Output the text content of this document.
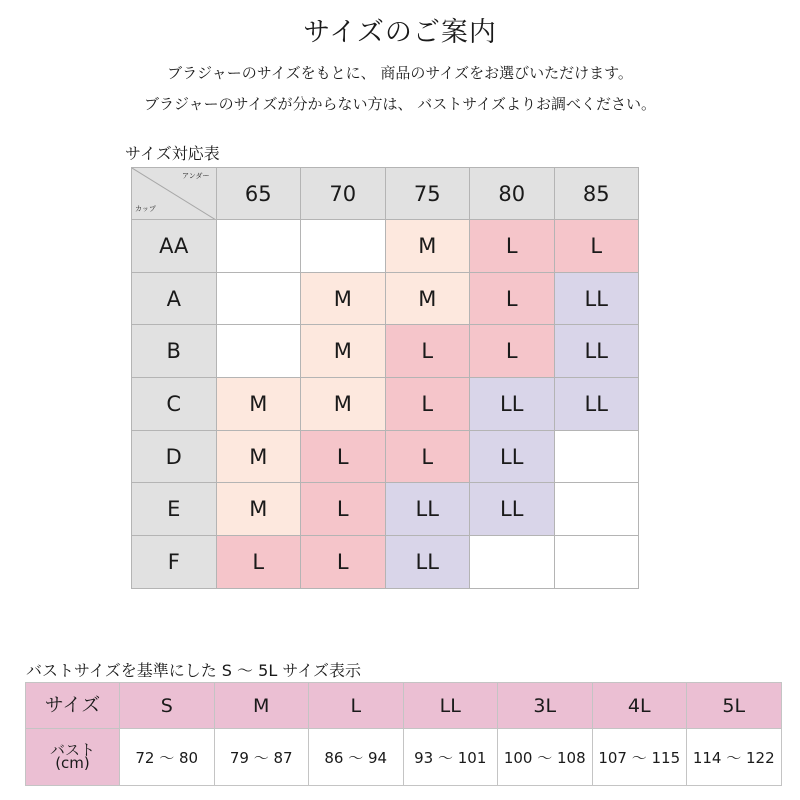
サイズのご案内

ブラジャーのサイズをもとに、 商品のサイズをお選びいただけます。

ブラジャーのサイズが分からない方は、 バストサイズよりお調べください。

サイズ対応表
アンダー
カップ	65	70	75	80	85
AA			M	L	L
A		M	M	L	LL
B		M	L	L	LL
C	M	M	L	LL	LL
D	M	L	L	LL	
E	M	L	LL	LL	
F	L	L	LL		
バストサイズを基準にした S ～ 5L サイズ表示
サイズ	S	M	L	LL	3L	4L	5L

バスト
(cm)	72 ～ 80	79 ～ 87	86 ～ 94	93 ～ 101	100 ～ 108	107 ～ 115	114 ～ 122
